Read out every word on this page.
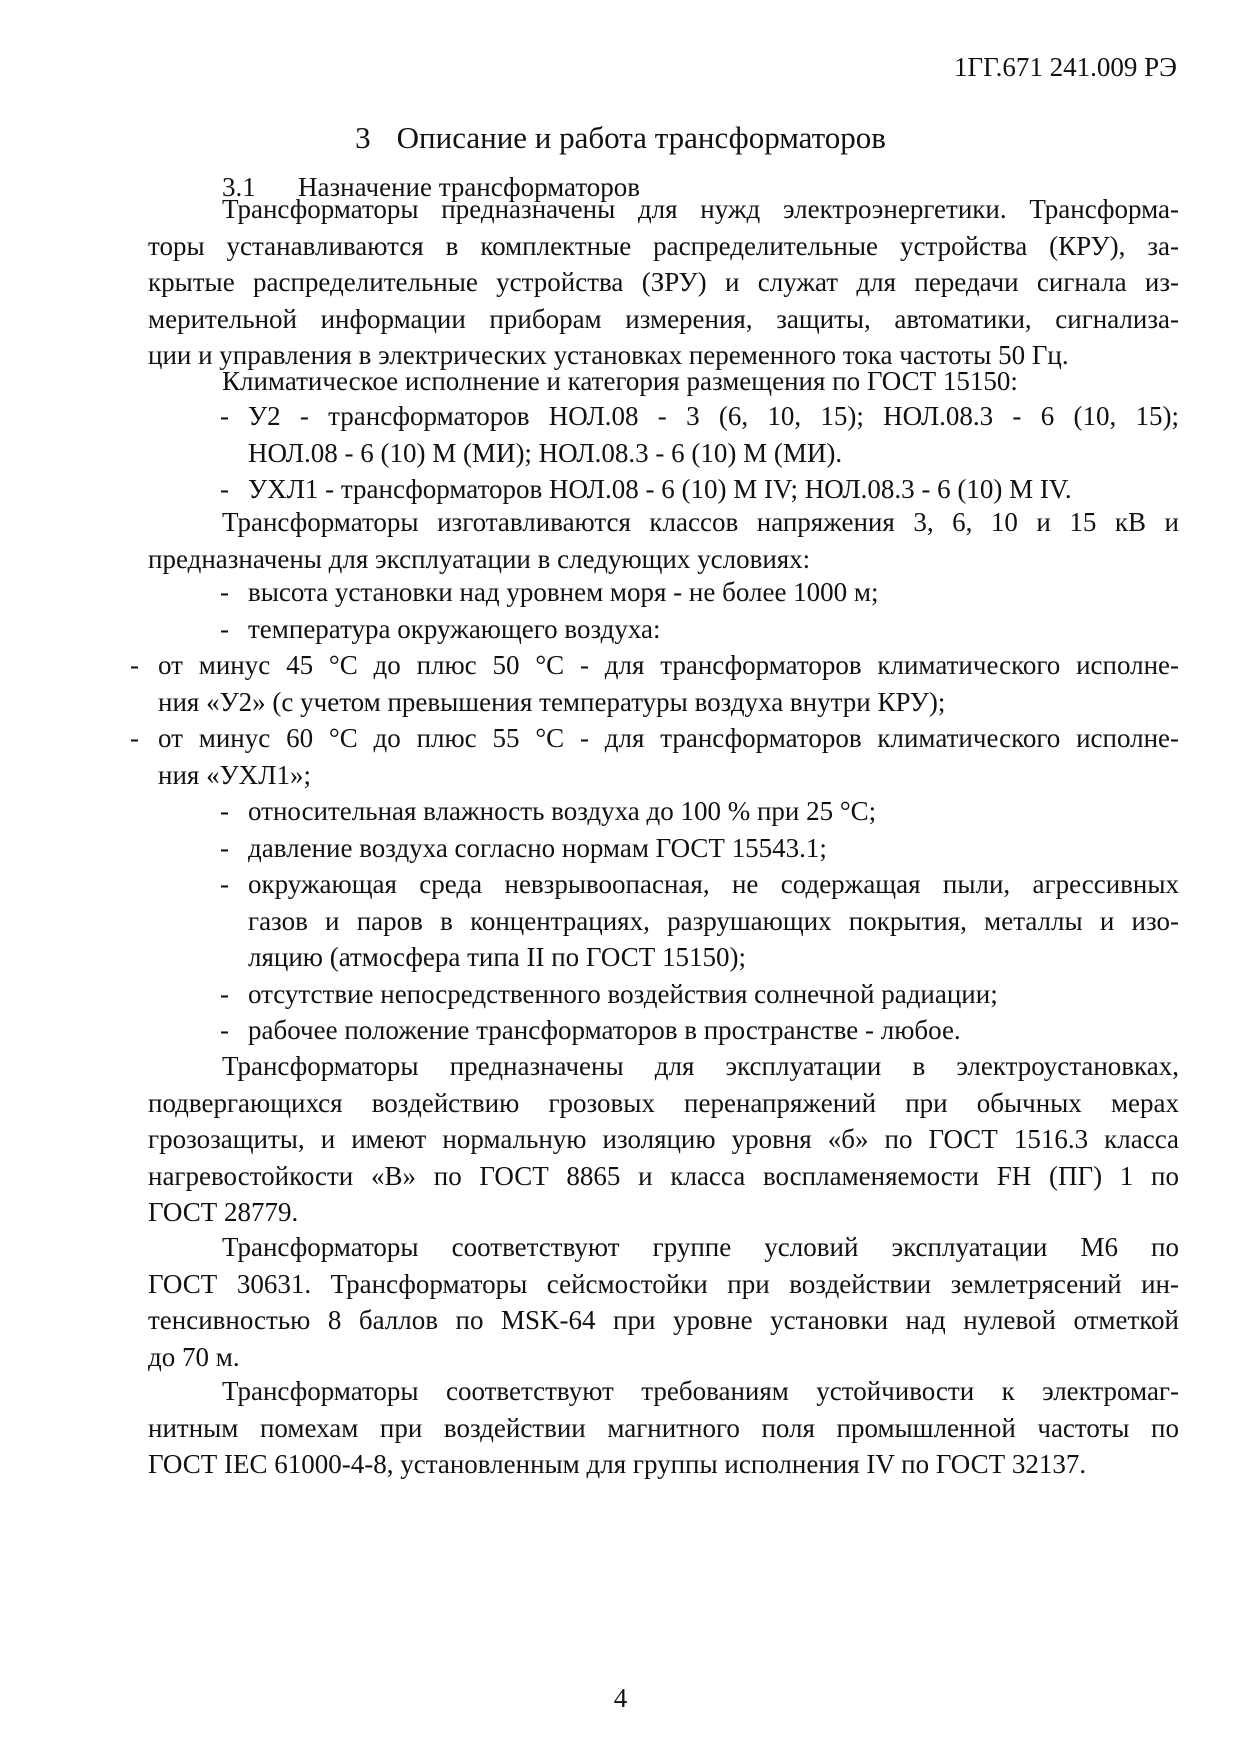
1ГГ.671 241.009 РЭ
3 Описание и работа трансформаторов
3.1 Назначение трансформаторов
Трансформаторы предназначены для нужд электроэнергетики. Трансформа-
торы устанавливаются в комплектные распределительные устройства (КРУ), за-
крытые распределительные устройства (ЗРУ) и служат для передачи сигнала из-
мерительной информации приборам измерения, защиты, автоматики, сигнализа-
ции и управления в электрических установках переменного тока частоты 50 Гц.
Климатическое исполнение и категория размещения по ГОСТ 15150:
- У2 - трансформаторов НОЛ.08 - 3 (6, 10, 15); НОЛ.08.3 - 6 (10, 15);
НОЛ.08 - 6 (10) М (МИ); НОЛ.08.3 - 6 (10) М (МИ).
- УХЛ1 - трансформаторов НОЛ.08 - 6 (10) М IV; НОЛ.08.3 - 6 (10) М IV.
Трансформаторы изготавливаются классов напряжения 3, 6, 10 и 15 кВ и
предназначены для эксплуатации в следующих условиях:
- высота установки над уровнем моря - не более 1000 м;
- температура окружающего воздуха:
- от минус 45 °С до плюс 50 °С - для трансформаторов климатического исполне-
ния «У2» (с учетом превышения температуры воздуха внутри КРУ);
- от минус 60 °С до плюс 55 °С - для трансформаторов климатического исполне-
ния «УХЛ1»;
- относительная влажность воздуха до 100 % при 25 °С;
- давление воздуха согласно нормам ГОСТ 15543.1;
- окружающая среда невзрывоопасная, не содержащая пыли, агрессивных
газов и паров в концентрациях, разрушающих покрытия, металлы и изо-
ляцию (атмосфера типа II по ГОСТ 15150);
- отсутствие непосредственного воздействия солнечной радиации;
- рабочее положение трансформаторов в пространстве - любое.
Трансформаторы предназначены для эксплуатации в электроустановках,
подвергающихся воздействию грозовых перенапряжений при обычных мерах
грозозащиты, и имеют нормальную изоляцию уровня «б» по ГОСТ 1516.3 класса
нагревостойкости «В» по ГОСТ 8865 и класса воспламеняемости FH (ПГ) 1 по
ГОСТ 28779.
Трансформаторы соответствуют группе условий эксплуатации М6 по
ГОСТ 30631. Трансформаторы сейсмостойки при воздействии землетрясений ин-
тенсивностью 8 баллов по MSK-64 при уровне установки над нулевой отметкой
до 70 м.
Трансформаторы соответствуют требованиям устойчивости к электромаг-
нитным помехам при воздействии магнитного поля промышленной частоты по
ГОСТ IEC 61000-4-8, установленным для группы исполнения IV по ГОСТ 32137.
4
